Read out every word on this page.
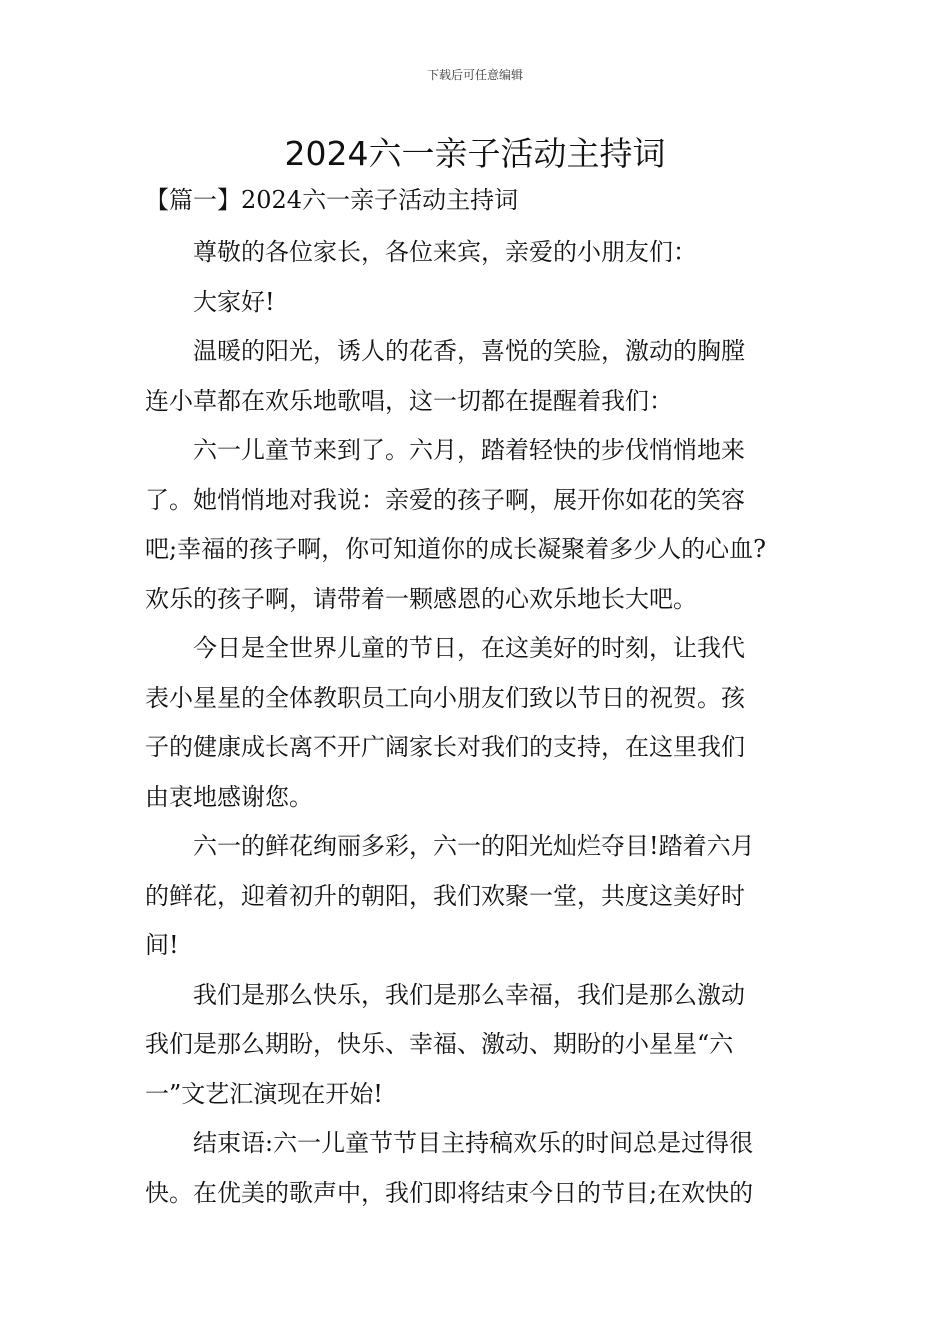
下载后可任意编辑
2024六一亲子活动主持词

【篇一】2024六一亲子活动主持词

尊敬的各位家长，各位来宾，亲爱的小朋友们：

大家好!

温暖的阳光，诱人的花香，喜悦的笑脸，激动的胸膛
连小草都在欢乐地歌唱，这一切都在提醒着我们：

六一儿童节来到了。六月，踏着轻快的步伐悄悄地来
了。她悄悄地对我说：亲爱的孩子啊，展开你如花的笑容
吧;幸福的孩子啊，你可知道你的成长凝聚着多少人的心血?
欢乐的孩子啊，请带着一颗感恩的心欢乐地长大吧。

今日是全世界儿童的节日，在这美好的时刻，让我代
表小星星的全体教职员工向小朋友们致以节日的祝贺。孩
子的健康成长离不开广阔家长对我们的支持，在这里我们
由衷地感谢您。

六一的鲜花绚丽多彩，六一的阳光灿烂夺目!踏着六月
的鲜花，迎着初升的朝阳，我们欢聚一堂，共度这美好时
间!

我们是那么快乐，我们是那么幸福，我们是那么激动
我们是那么期盼，快乐、幸福、激动、期盼的小星星“六
一”文艺汇演现在开始!

结束语:六一儿童节节目主持稿欢乐的时间总是过得很
快。在优美的歌声中，我们即将结束今日的节目;在欢快的
